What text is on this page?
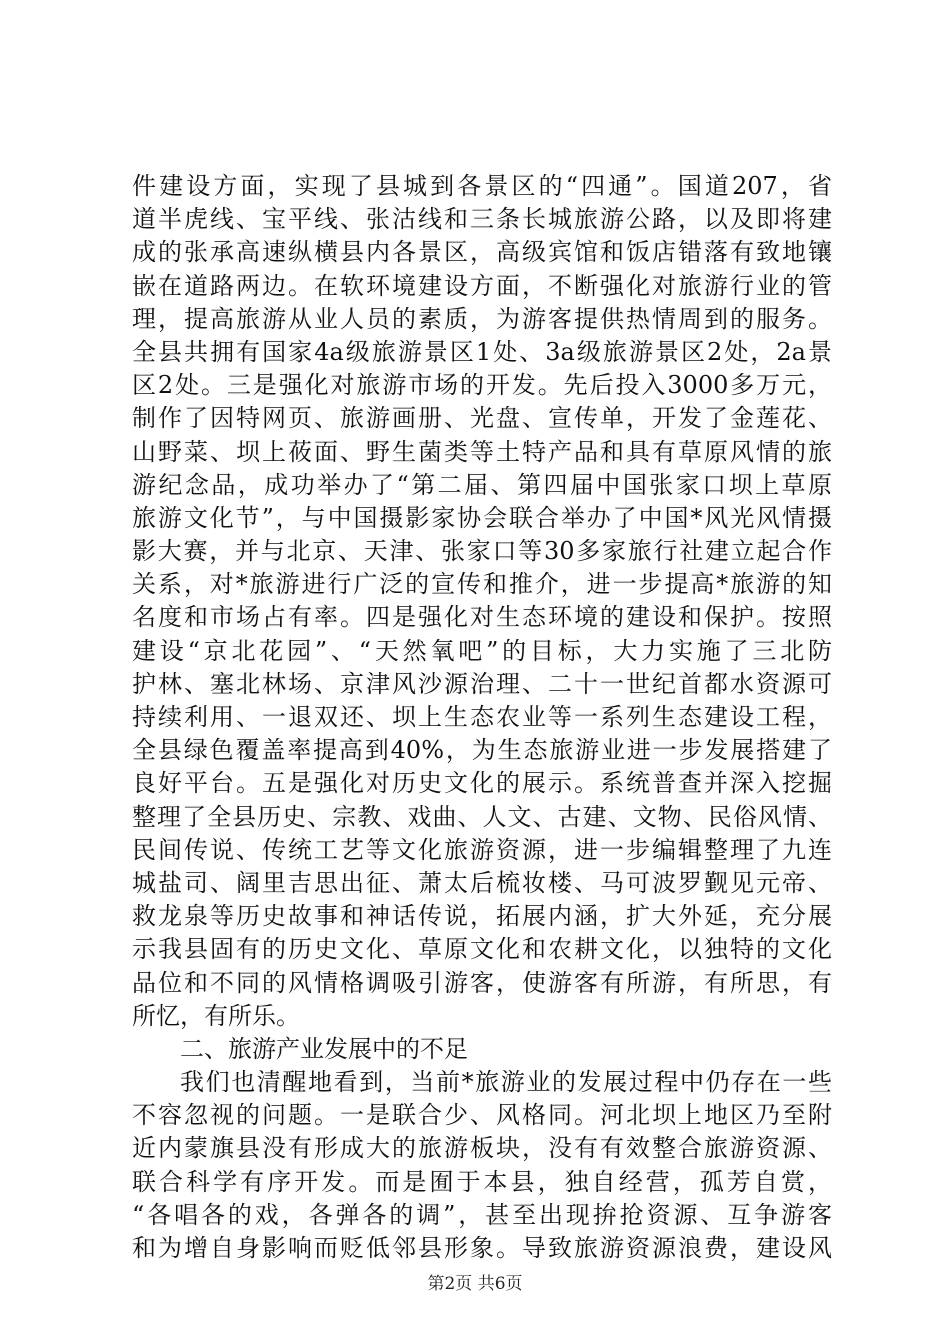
件建设方面，实现了县城到各景区的“四通”。国道207，省
道半虎线、宝平线、张沽线和三条长城旅游公路，以及即将建
成的张承高速纵横县内各景区，高级宾馆和饭店错落有致地镶
嵌在道路两边。在软环境建设方面，不断强化对旅游行业的管
理，提高旅游从业人员的素质，为游客提供热情周到的服务。
全县共拥有国家4a级旅游景区1处、3a级旅游景区2处，2a景
区2处。三是强化对旅游市场的开发。先后投入3000多万元，
制作了因特网页、旅游画册、光盘、宣传单，开发了金莲花、
山野菜、坝上莜面、野生菌类等土特产品和具有草原风情的旅
游纪念品，成功举办了“第二届、第四届中国张家口坝上草原
旅游文化节”，与中国摄影家协会联合举办了中国*风光风情摄
影大赛，并与北京、天津、张家口等30多家旅行社建立起合作
关系，对*旅游进行广泛的宣传和推介，进一步提高*旅游的知
名度和市场占有率。四是强化对生态环境的建设和保护。按照
建设“京北花园”、“天然氧吧”的目标，大力实施了三北防
护林、塞北林场、京津风沙源治理、二十一世纪首都水资源可
持续利用、一退双还、坝上生态农业等一系列生态建设工程，
全县绿色覆盖率提高到40%，为生态旅游业进一步发展搭建了
良好平台。五是强化对历史文化的展示。系统普查并深入挖掘
整理了全县历史、宗教、戏曲、人文、古建、文物、民俗风情、
民间传说、传统工艺等文化旅游资源，进一步编辑整理了九连
城盐司、阔里吉思出征、萧太后梳妆楼、马可波罗觐见元帝、
救龙泉等历史故事和神话传说，拓展内涵，扩大外延，充分展
示我县固有的历史文化、草原文化和农耕文化，以独特的文化
品位和不同的风情格调吸引游客，使游客有所游，有所思，有
所忆，有所乐。
二、旅游产业发展中的不足
我们也清醒地看到，当前*旅游业的发展过程中仍存在一些
不容忽视的问题。一是联合少、风格同。河北坝上地区乃至附
近内蒙旗县没有形成大的旅游板块，没有有效整合旅游资源、
联合科学有序开发。而是囿于本县，独自经营，孤芳自赏，
“各唱各的戏，各弹各的调”，甚至出现拚抢资源、互争游客
和为增自身影响而贬低邻县形象。导致旅游资源浪费，建设风
第2页 共6页
